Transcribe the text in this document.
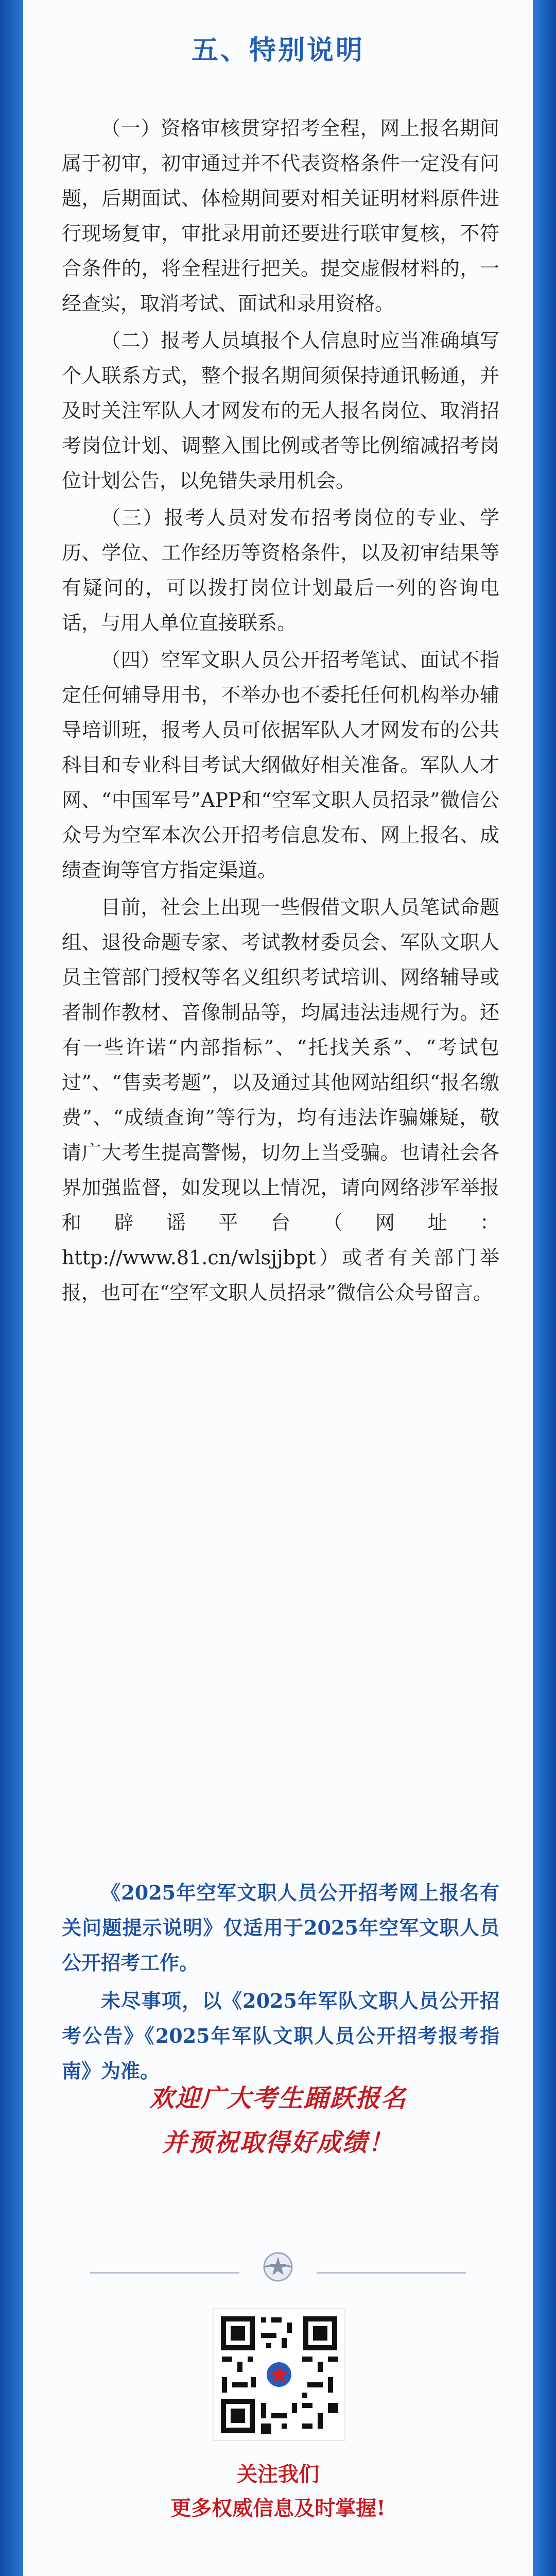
五、特别说明

（一）资格审核贯穿招考全程，网上报名期间属于初审，初审通过并不代表资格条件一定没有问题，后期面试、体检期间要对相关证明材料原件进行现场复审，审批录用前还要进行联审复核，不符合条件的，将全程进行把关。提交虚假材料的，一经查实，取消考试、面试和录用资格。

（二）报考人员填报个人信息时应当准确填写个人联系方式，整个报名期间须保持通讯畅通，并及时关注军队人才网发布的无人报名岗位、取消招考岗位计划、调整入围比例或者等比例缩减招考岗位计划公告，以免错失录用机会。

（三）报考人员对发布招考岗位的专业、学历、学位、工作经历等资格条件，以及初审结果等有疑问的，可以拨打岗位计划最后一列的咨询电话，与用人单位直接联系。

（四）空军文职人员公开招考笔试、面试不指定任何辅导用书，不举办也不委托任何机构举办辅导培训班，报考人员可依据军队人才网发布的公共科目和专业科目考试大纲做好相关准备。军队人才网、“中国军号”APP和“空军文职人员招录”微信公众号为空军本次公开招考信息发布、网上报名、成绩查询等官方指定渠道。

目前，社会上出现一些假借文职人员笔试命题组、退役命题专家、考试教材委员会、军队文职人员主管部门授权等名义组织考试培训、网络辅导或者制作教材、音像制品等，均属违法违规行为。还有一些许诺“内部指标”、“托找关系”、“考试包过”、“售卖考题”，以及通过其他网站组织“报名缴费”、“成绩查询”等行为，均有违法诈骗嫌疑，敬请广大考生提高警惕，切勿上当受骗。也请社会各界加强监督，如发现以上情况，请向网络涉军举报和辟谣平台（网址：http://www.81.cn/wlsjjbpt）或者有关部门举报，也可在“空军文职人员招录”微信公众号留言。

《2025年空军文职人员公开招考网上报名有关问题提示说明》仅适用于2025年空军文职人员公开招考工作。

未尽事项，以《2025年军队文职人员公开招考公告》《2025年军队文职人员公开招考报考指南》为准。

欢迎广大考生踊跃报名
并预祝取得好成绩！
关注我们
更多权威信息及时掌握!
